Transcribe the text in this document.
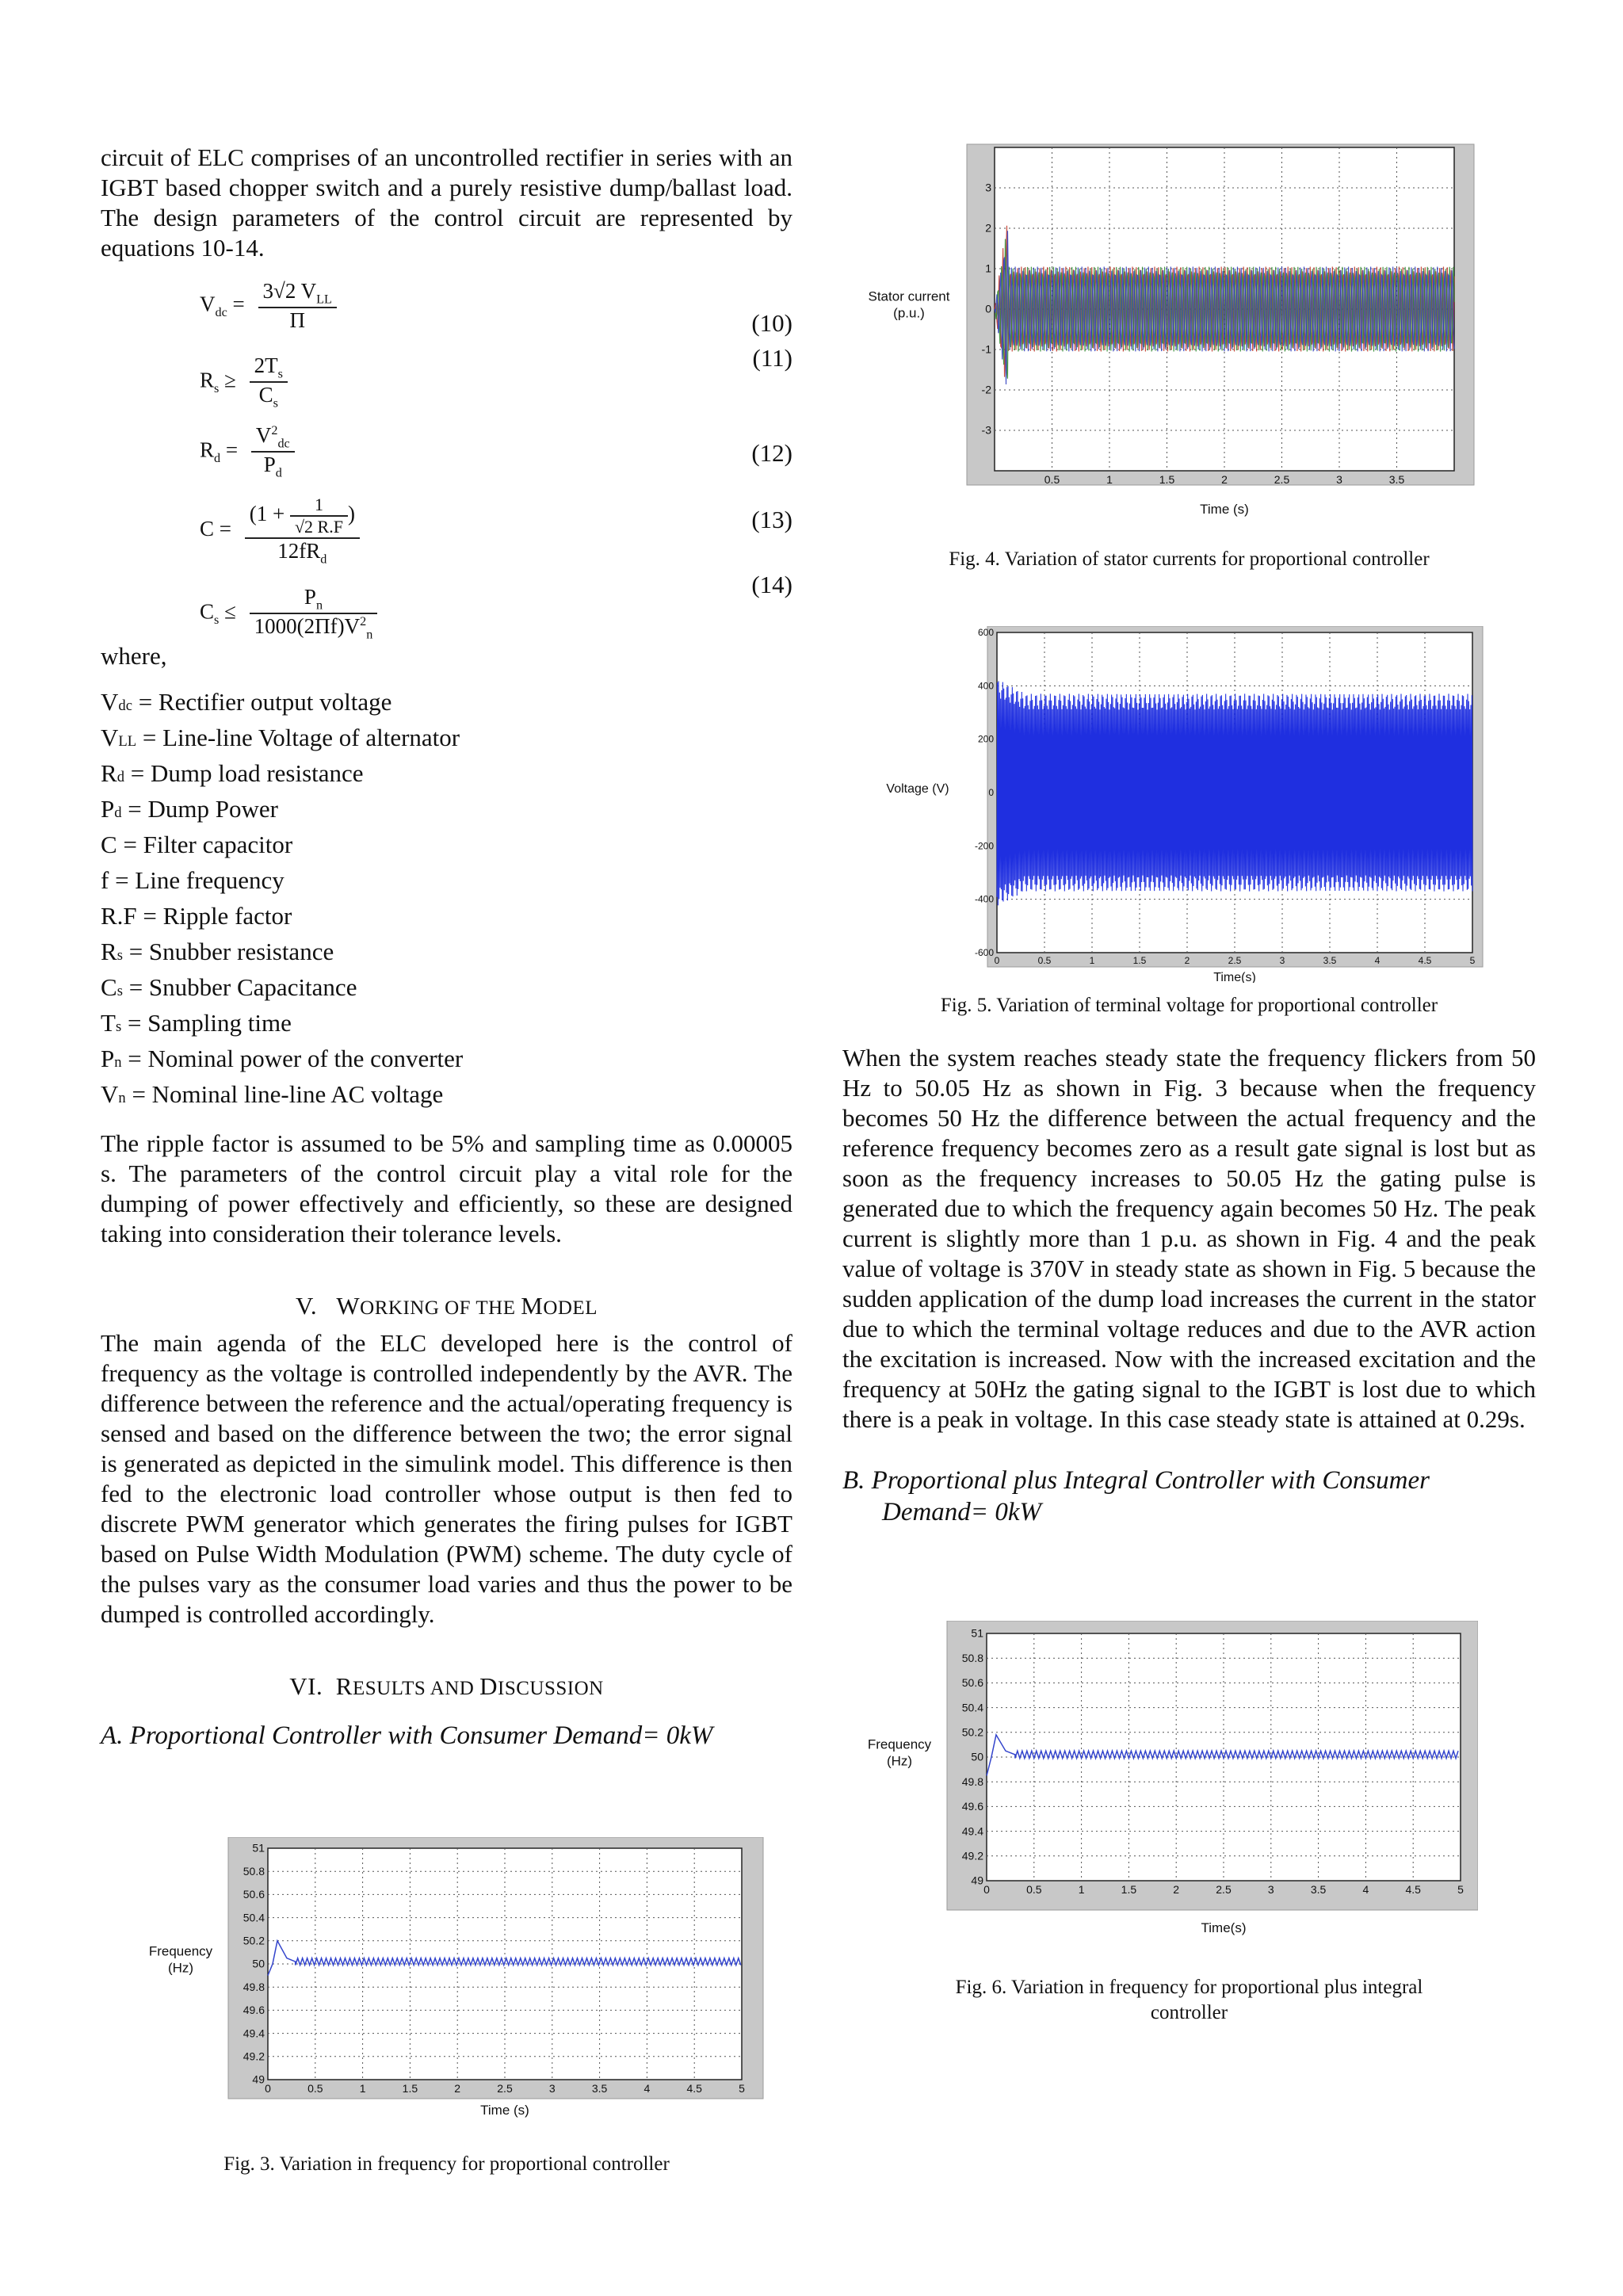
circuit of ELC comprises of an uncontrolled rectifier in series with an IGBT based chopper switch and a purely resistive dump/ballast load. The design parameters of the control circuit are represented by equations 10-14.

$V_{dc} = \frac{3√2 V_{LL}}{\Pi}$	(10)
$R_s \ge \frac{2T_s}{C_s}$	(11)
$R_d = \frac{V^2_{dc}}{P_d}$	(12)
$C = \frac{(1 + \frac{1}{√2 R.F} )}{12fR_d}$	(13)
$C_s \le \frac{P_n}{1000(2\Pi f)V^2_n}$
(14)
where,
Vdc = Rectifier output voltage
VLL = Line-line Voltage of alternator
Rd = Dump load resistance
Pd = Dump Power
C = Filter capacitor
f = Line frequency
R.F = Ripple factor
Rs = Snubber resistance
Cs = Snubber Capacitance
Ts = Sampling time
Pn = Nominal power of the converter
Vn = Nominal line-line AC voltage

The ripple factor is assumed to be 5% and sampling time as 0.00005 s. The parameters of the control circuit play a vital role for the dumping of power effectively and efficiently, so these are designed taking into consideration their tolerance levels.

V. WORKING OF THE MODEL

The main agenda of the ELC developed here is the control of frequency as the voltage is controlled independently by the AVR. The difference between the reference and the actual/operating frequency is sensed and based on the difference between the two; the error signal is generated as depicted in the simulink model. This difference is then fed to the electronic load controller whose output is then fed to discrete PWM generator which generates the firing pulses for IGBT based on Pulse Width Modulation (PWM) scheme. The duty cycle of the pulses vary as the consumer load varies and thus the power to be dumped is controlled accordingly.

VI. RESULTS AND DISCUSSION
A. Proportional Controller with Consumer Demand= 0kW
Fig. 4. Variation of stator currents for proportional controller
Fig. 5. Variation of terminal voltage for proportional controller

When the system reaches steady state the frequency flickers from 50 Hz to 50.05 Hz as shown in Fig. 3 because when the frequency becomes 50 Hz the difference between the actual frequency and the reference frequency becomes zero as a result gate signal is lost but as soon as the frequency increases to 50.05 Hz the gating pulse is generated due to which the frequency again becomes 50 Hz. The peak current is slightly more than 1 p.u. as shown in Fig. 4 and the peak value of voltage is 370V in steady state as shown in Fig. 5 because the sudden application of the dump load increases the current in the stator due to which the terminal voltage reduces and due to the AVR action the excitation is increased. Now with the increased excitation and the frequency at 50Hz the gating signal to the IGBT is lost due to which there is a peak in voltage. In this case steady state is attained at 0.29s.

B. Proportional plus Integral Controller with Consumer
Demand= 0kW
Fig. 6. Variation in frequency for proportional plus integral
controller
Fig. 3. Variation in frequency for proportional controller
0	0.5	1	1.5	2	2.5	3	3.5	4	4.5	5
49
49.2
49.4
49.6
49.8
50
50.2
50.4
50.6
50.8
51
Time (s)
Frequency
(Hz)
0.5	1	1.5	2	2.5	3	3.5
-3
-2
-1
0
1
2
3
Time (s)
Stator current
(p.u.)
0	0.5	1	1.5	2	2.5	3	3.5	4	4.5	5
-600
-400
-200
0
200
400
600
Time(s)
Voltage (V)
0	0.5	1	1.5	2	2.5	3	3.5	4	4.5	5
49
49.2
49.4
49.6
49.8
50
50.2
50.4
50.6
50.8
51
Time(s)
Frequency
(Hz)
